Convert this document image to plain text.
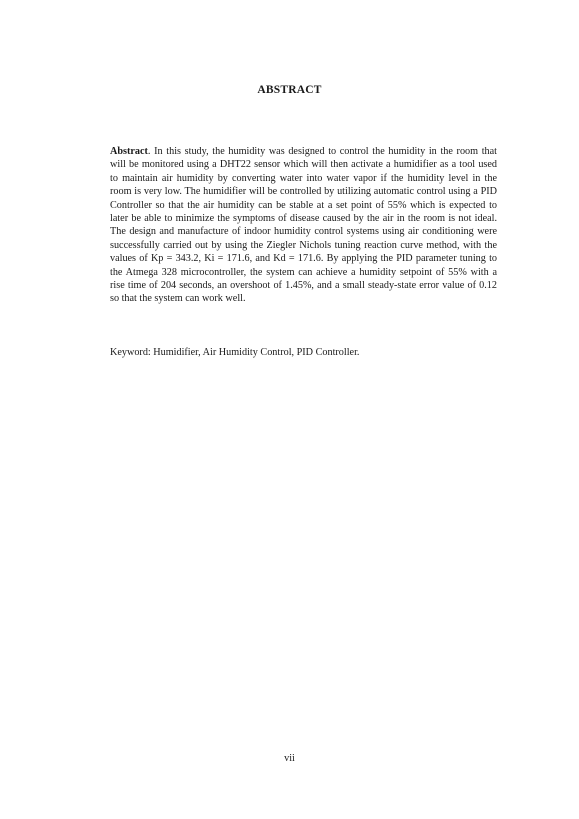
ABSTRACT

Abstract. In this study, the humidity was designed to control the humidity in the room that will be monitored using a DHT22 sensor which will then activate a humidifier as a tool used to maintain air humidity by converting water into water vapor if the humidity level in the room is very low. The humidifier will be controlled by utilizing automatic control using a PID Controller so that the air humidity can be stable at a set point of 55% which is expected to later be able to minimize the symptoms of disease caused by the air in the room is not ideal. The design and manufacture of indoor humidity control systems using air conditioning were successfully carried out by using the Ziegler Nichols tuning reaction curve method, with the values of Kp = 343.2, Ki = 171.6, and Kd = 171.6. By applying the PID parameter tuning to the Atmega 328 microcontroller, the system can achieve a humidity setpoint of 55% with a rise time of 204 seconds, an overshoot of 1.45%, and a small steady-state error value of 0.12 so that the system can work well.

Keyword: Humidifier, Air Humidity Control, PID Controller.

vii
